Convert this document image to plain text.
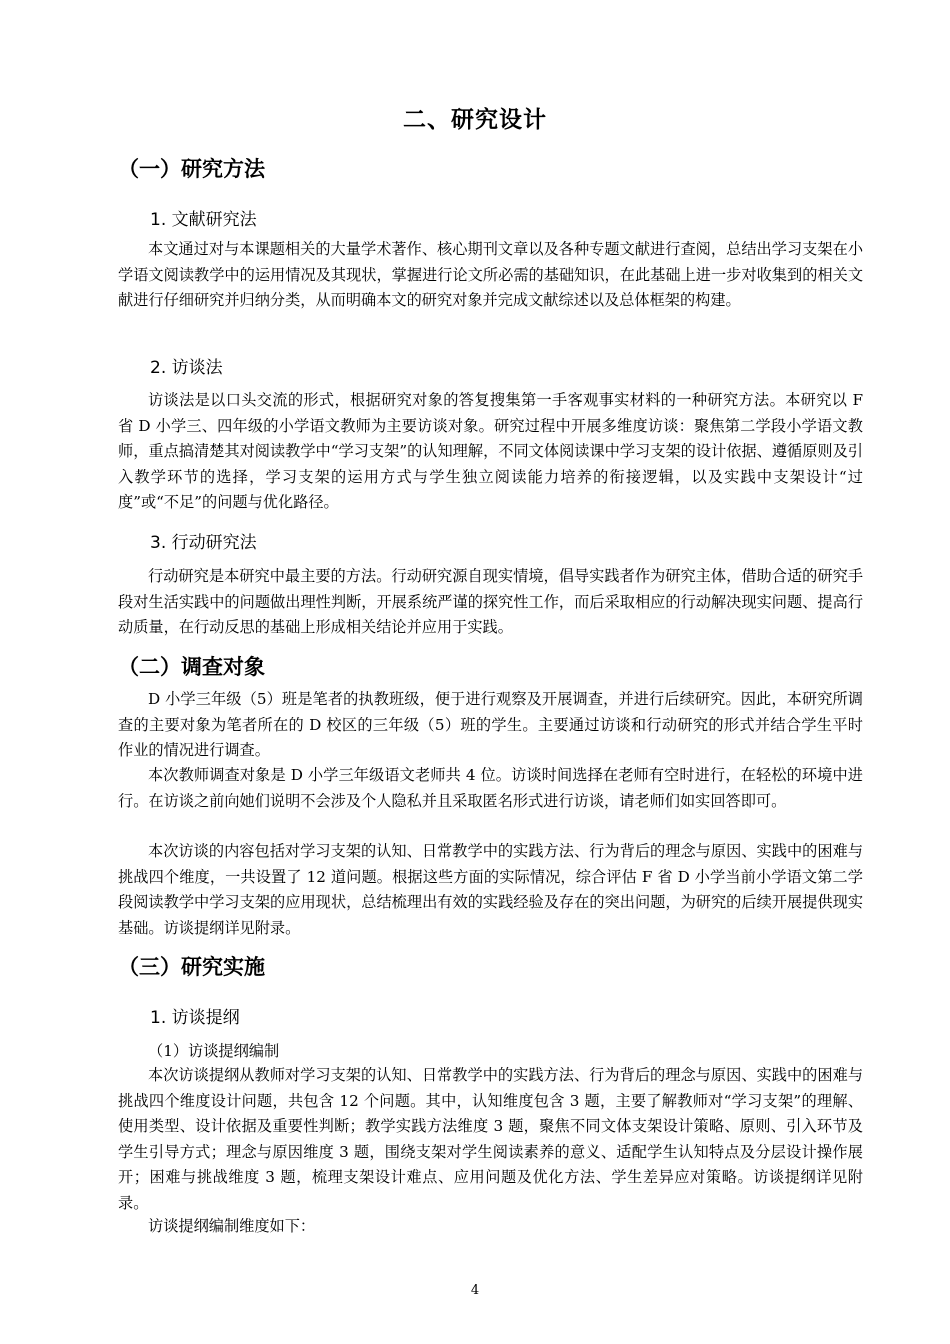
二、研究设计
（一）研究方法
1. 文献研究法

本文通过对与本课题相关的大量学术著作、核心期刊文章以及各种专题文献进行查阅，总结出学习支架在小学语文阅读教学中的运用情况及其现状，掌握进行论文所必需的基础知识，在此基础上进一步对收集到的相关文献进行仔细研究并归纳分类，从而明确本文的研究对象并完成文献综述以及总体框架的构建。

2. 访谈法

访谈法是以口头交流的形式，根据研究对象的答复搜集第一手客观事实材料的一种研究方法。本研究以 F 省 D 小学三、四年级的小学语文教师为主要访谈对象。研究过程中开展多维度访谈：聚焦第二学段小学语文教师，重点搞清楚其对阅读教学中“学习支架”的认知理解，不同文体阅读课中学习支架的设计依据、遵循原则及引入教学环节的选择，学习支架的运用方式与学生独立阅读能力培养的衔接逻辑，以及实践中支架设计“过度”或“不足”的问题与优化路径。

3. 行动研究法

行动研究是本研究中最主要的方法。行动研究源自现实情境，倡导实践者作为研究主体，借助合适的研究手段对生活实践中的问题做出理性判断，开展系统严谨的探究性工作，而后采取相应的行动解决现实问题、提高行动质量，在行动反思的基础上形成相关结论并应用于实践。

（二）调查对象

D 小学三年级（5）班是笔者的执教班级，便于进行观察及开展调查，并进行后续研究。因此，本研究所调查的主要对象为笔者所在的 D 校区的三年级（5）班的学生。主要通过访谈和行动研究的形式并结合学生平时作业的情况进行调查。

本次教师调查对象是 D 小学三年级语文老师共 4 位。访谈时间选择在老师有空时进行，在轻松的环境中进行。在访谈之前向她们说明不会涉及个人隐私并且采取匿名形式进行访谈，请老师们如实回答即可。

本次访谈的内容包括对学习支架的认知、日常教学中的实践方法、行为背后的理念与原因、实践中的困难与挑战四个维度，一共设置了 12 道问题。根据这些方面的实际情况，综合评估 F 省 D 小学当前小学语文第二学段阅读教学中学习支架的应用现状，总结梳理出有效的实践经验及存在的突出问题，为研究的后续开展提供现实基础。访谈提纲详见附录。

（三）研究实施
1. 访谈提纲
（1）访谈提纲编制

本次访谈提纲从教师对学习支架的认知、日常教学中的实践方法、行为背后的理念与原因、实践中的困难与挑战四个维度设计问题，共包含 12 个问题。其中，认知维度包含 3 题，主要了解教师对“学习支架”的理解、使用类型、设计依据及重要性判断；教学实践方法维度 3 题，聚焦不同文体支架设计策略、原则、引入环节及学生引导方式；理念与原因维度 3 题，围绕支架对学生阅读素养的意义、适配学生认知特点及分层设计操作展开；困难与挑战维度 3 题，梳理支架设计难点、应用问题及优化方法、学生差异应对策略。访谈提纲详见附录。

访谈提纲编制维度如下：

4
